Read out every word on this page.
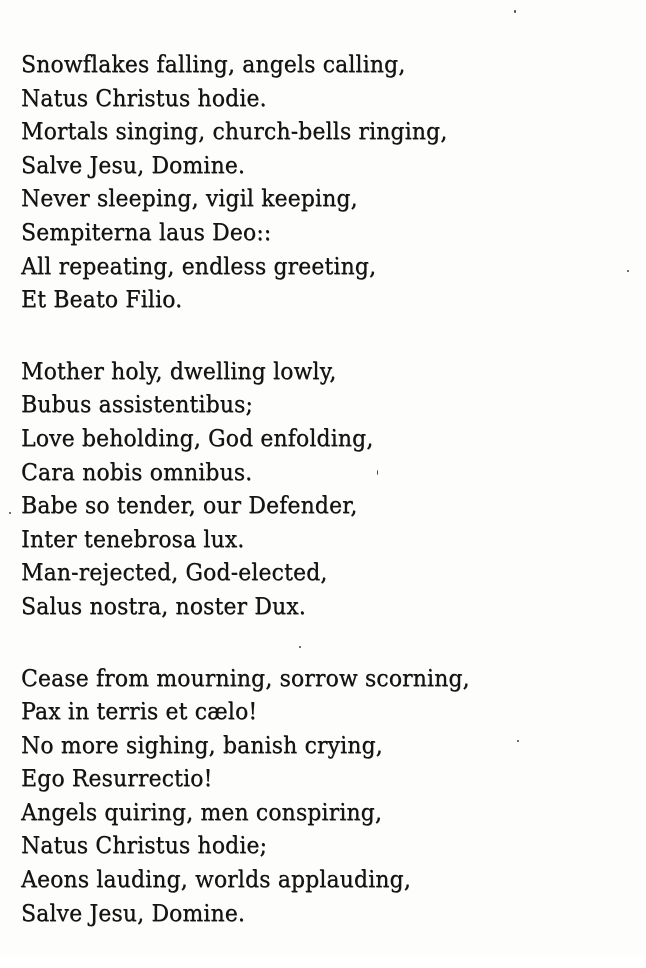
Snowflakes falling, angels calling,
Natus Christus hodie.
Mortals singing, church-bells ringing,
Salve Jesu, Domine.
Never sleeping, vigil keeping,
Sempiterna laus Deo::
All repeating, endless greeting,
Et Beato Filio.
Mother holy, dwelling lowly,
Bubus assistentibus;
Love beholding, God enfolding,
Cara nobis omnibus.
Babe so tender, our Defender,
Inter tenebrosa lux.
Man-rejected, God-elected,
Salus nostra, noster Dux.
Cease from mourning, sorrow scorning,
Pax in terris et cælo!
No more sighing, banish crying,
Ego Resurrectio!
Angels quiring, men conspiring,
Natus Christus hodie;
Aeons lauding, worlds applauding,
Salve Jesu, Domine.
